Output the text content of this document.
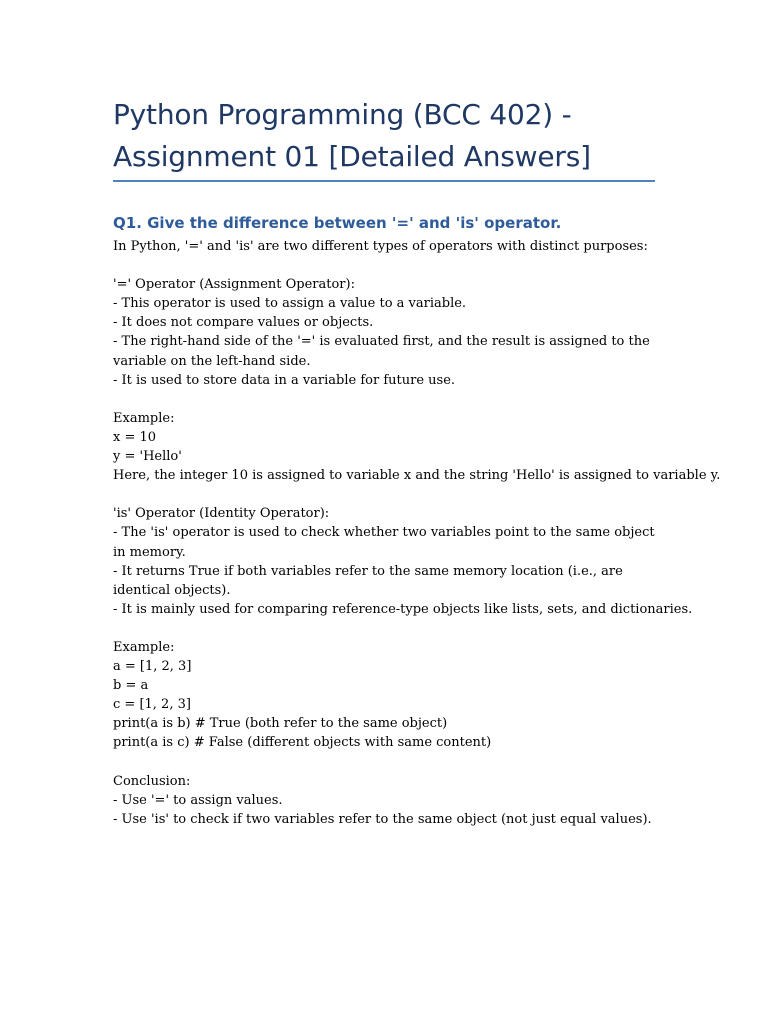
Python Programming (BCC 402) - Assignment 01 [Detailed Answers]
Q1. Give the difference between '=' and 'is' operator.
In Python, '=' and 'is' are two different types of operators with distinct purposes:
'=' Operator (Assignment Operator):
- This operator is used to assign a value to a variable.
- It does not compare values or objects.
- The right-hand side of the '=' is evaluated first, and the result is assigned to the variable on the left-hand side.
- It is used to store data in a variable for future use.
Example:
x = 10
y = 'Hello'
Here, the integer 10 is assigned to variable x and the string 'Hello' is assigned to variable y.
'is' Operator (Identity Operator):
- The 'is' operator is used to check whether two variables point to the same object in memory.
- It returns True if both variables refer to the same memory location (i.e., are identical objects).
- It is mainly used for comparing reference-type objects like lists, sets, and dictionaries.
Example:
a = [1, 2, 3]
b = a
c = [1, 2, 3]
print(a is b) # True (both refer to the same object)
print(a is c) # False (different objects with same content)
Conclusion:
- Use '=' to assign values.
- Use 'is' to check if two variables refer to the same object (not just equal values).
